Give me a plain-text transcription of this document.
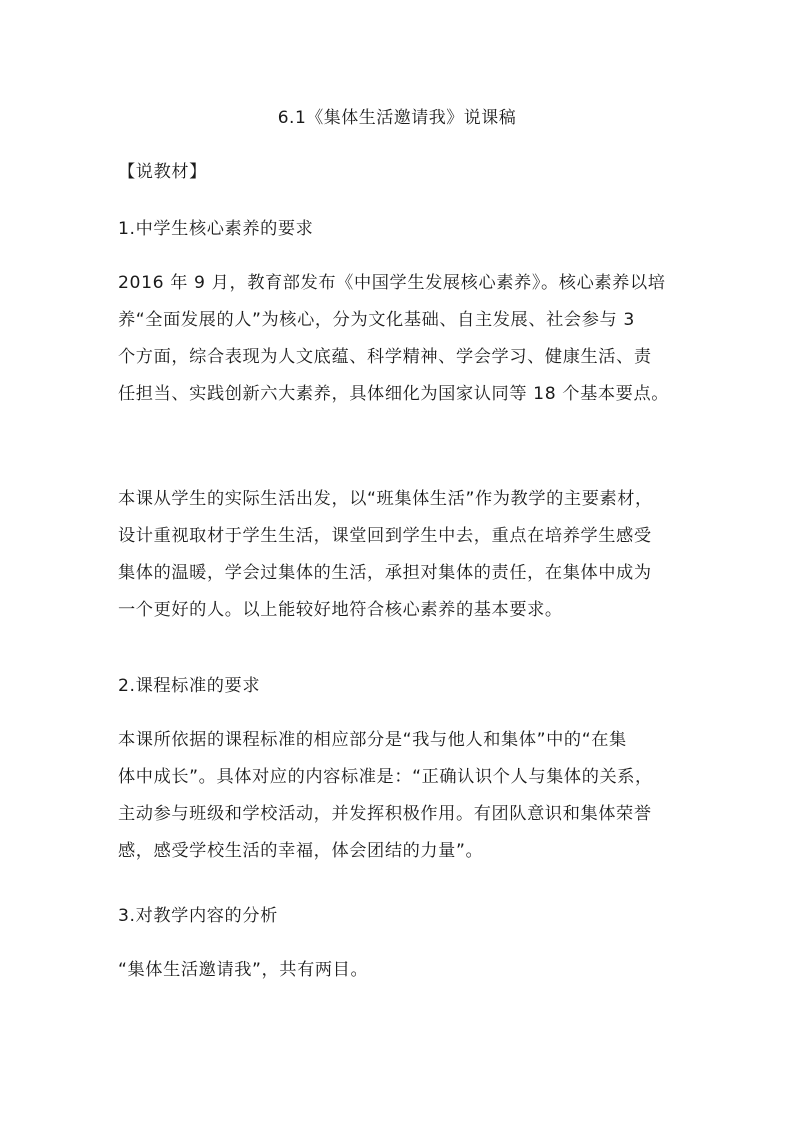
6.1《集体生活邀请我》说课稿
【说教材】
1.中学生核心素养的要求
2016 年 9 月，教育部发布《中国学生发展核心素养》。核心素养以培
养“全面发展的人”为核心，分为文化基础、自主发展、社会参与 3
个方面，综合表现为人文底蕴、科学精神、学会学习、健康生活、责
任担当、实践创新六大素养，具体细化为国家认同等 18 个基本要点。
本课从学生的实际生活出发，以“班集体生活”作为教学的主要素材，
设计重视取材于学生生活，课堂回到学生中去，重点在培养学生感受
集体的温暖，学会过集体的生活，承担对集体的责任，在集体中成为
一个更好的人。以上能较好地符合核心素养的基本要求。
2.课程标准的要求
本课所依据的课程标准的相应部分是“我与他人和集体”中的“在集
体中成长”。具体对应的内容标准是：“正确认识个人与集体的关系，
主动参与班级和学校活动，并发挥积极作用。有团队意识和集体荣誉
感，感受学校生活的幸福，体会团结的力量”。
3.对教学内容的分析
“集体生活邀请我”，共有两目。
